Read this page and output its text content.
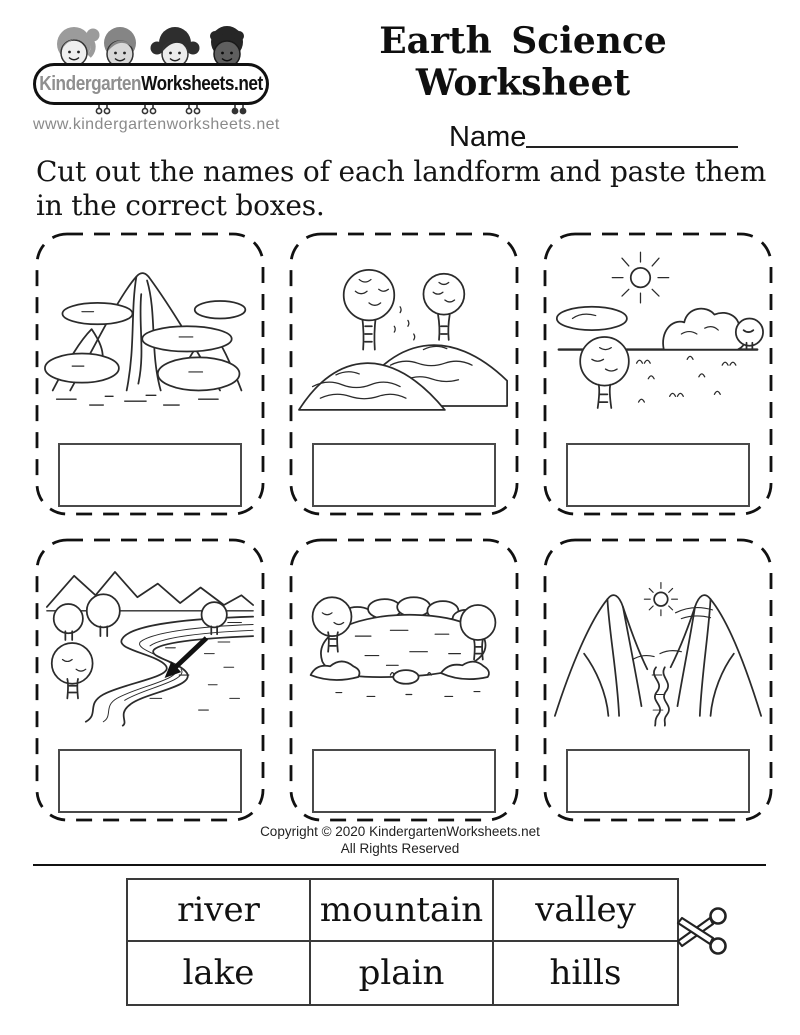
KindergartenWorksheets.net
www.kindergartenworksheets.net
Earth Science Worksheet
Name
Cut out the names of each landform and paste them
in the correct boxes.
Copyright © 2020 KindergartenWorksheets.net
All Rights Reserved
river	mountain	valley
lake	plain	hills
